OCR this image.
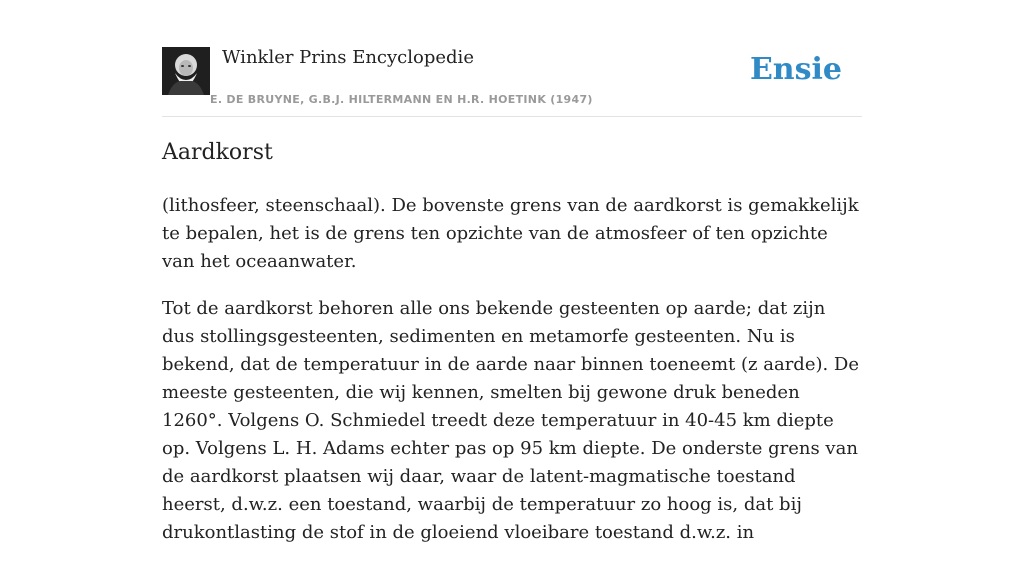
Winkler Prins Encyclopedie
E. DE BRUYNE, G.B.J. HILTERMANN EN H.R. HOETINK (1947)
Ensie
Aardkorst

(lithosfeer, steenschaal). De bovenste grens van de aardkorst is gemakkelijk te bepalen, het is de grens ten opzichte van de atmosfeer of ten opzichte van het oceaanwater.

Tot de aardkorst behoren alle ons bekende gesteenten op aarde; dat zijn dus stollingsgesteenten, sedimenten en metamorfe gesteenten. Nu is bekend, dat de temperatuur in de aarde naar binnen toeneemt (z aarde). De meeste gesteenten, die wij kennen, smelten bij gewone druk beneden 1260°. Volgens O. Schmiedel treedt deze temperatuur in 40-45 km diepte op. Volgens L. H. Adams echter pas op 95 km diepte. De onderste grens van de aardkorst plaatsen wij daar, waar de latent-magmatische toestand heerst, d.w.z. een toestand, waarbij de temperatuur zo hoog is, dat bij drukontlasting de stof in de gloeiend vloeibare toestand d.w.z. in
